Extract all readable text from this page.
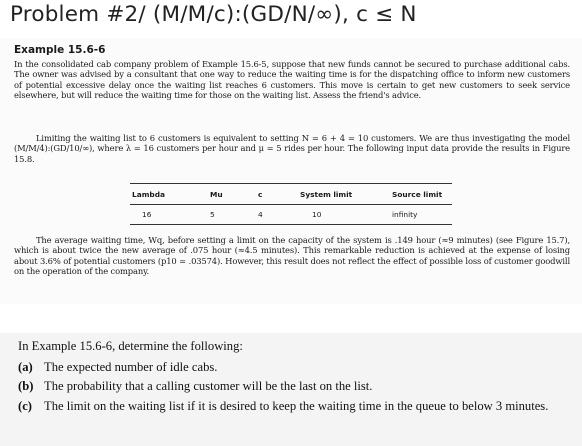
Problem #2/ (M/M/c):(GD/N/∞), c ≤ N
Example 15.6-6

In the consolidated cab company problem of Example 15.6-5, suppose that new funds cannot be secured to purchase additional cabs. The owner was advised by a consultant that one way to reduce the waiting time is for the dispatching office to inform new customers of potential excessive delay once the waiting list reaches 6 customers. This move is certain to get new customers to seek service elsewhere, but will reduce the waiting time for those on the waiting list. Assess the friend's advice.

Limiting the waiting list to 6 customers is equivalent to setting N = 6 + 4 = 10 customers. We are thus investigating the model (M/M/4):(GD/10/∞), where λ = 16 customers per hour and μ = 5 rides per hour. The following input data provide the results in Figure 15.8.

Lambda	Mu	c	System limit	Source limit
16	5	4	10	infinity

The average waiting time, Wq, before setting a limit on the capacity of the system is .149 hour (≈9 minutes) (see Figure 15.7), which is about twice the new average of .075 hour (≈4.5 minutes). This remarkable reduction is achieved at the expense of losing about 3.6% of potential customers (p10 = .03574). However, this result does not reflect the effect of possible loss of customer goodwill on the operation of the company.

In Example 15.6-6, determine the following:
(a) The expected number of idle cabs.
(b) The probability that a calling customer will be the last on the list.
(c) The limit on the waiting list if it is desired to keep the waiting time in the queue to below 3 minutes.
